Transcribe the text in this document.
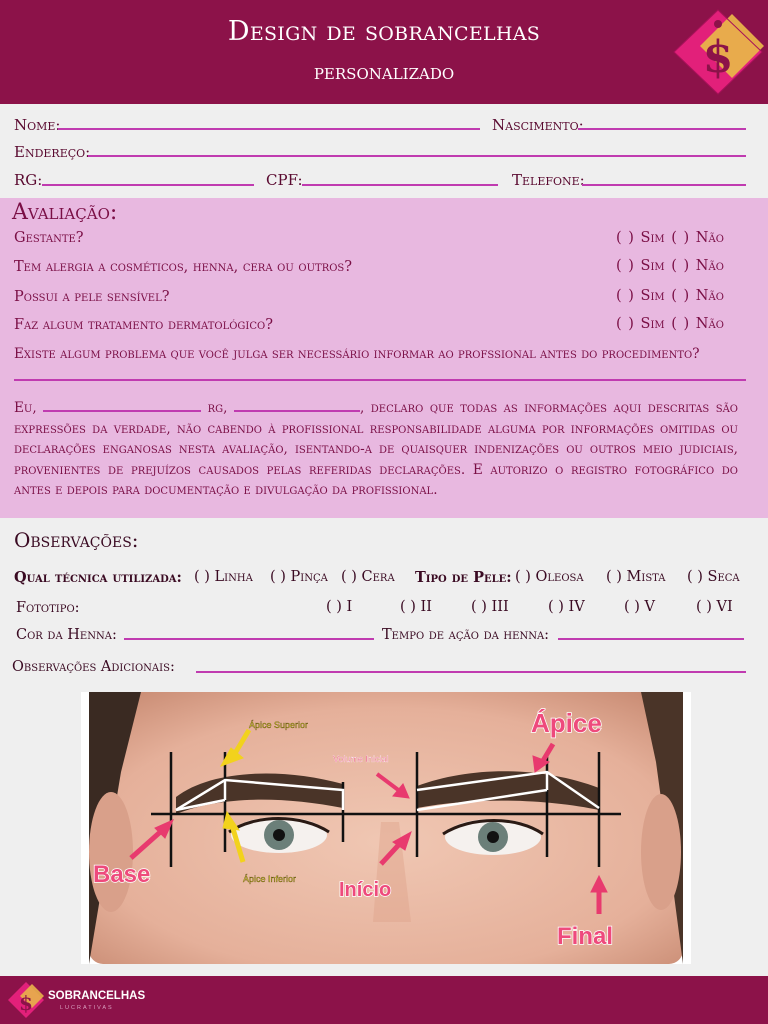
Design de sobrancelhas
personalizado	$
Nome:	Nascimento:
Endereço:
RG:	CPF:	Telefone:
Avaliação:
Gestante?	( ) Sim ( ) Não
Tem alergia a cosméticos, henna, cera ou outros?	( ) Sim ( ) Não
Possui a pele sensível?	( ) Sim ( ) Não
Faz algum tratamento dermatológico?	( ) Sim ( ) Não
Existe algum problema que você julga ser necessário informar ao profssional antes do procedimento?
Eu,	rg,	, declaro que todas as informações aqui descritas são expressões da verdade, não cabendo à profissional responsabilidade alguma por informações omitidas ou declarações enganosas nesta avaliação, isentando-a de quaisquer indenizações ou outros meio judiciais, provenientes de prejuízos causados pelas referidas declarações. E autorizo o registro fotográfico do antes e depois para documentação e divulgação da profissional.
Observações:
Qual técnica utilizada: ( ) Linha ( ) Pinça ( ) Cera Tipo de Pele: ( ) Oleosa ( ) Mista ( ) Seca
Fototipo:	( ) I	( ) II	( ) III	( ) IV	( ) V	( ) VI
Cor da Henna:	Tempo de ação da henna:
Observações Adicionais:
Ápice Superior
Volume Inicial
Ápice
Base	Ápice Inferior Início
Final
$ SOBRANCELHAS
LUCRATIVAS
